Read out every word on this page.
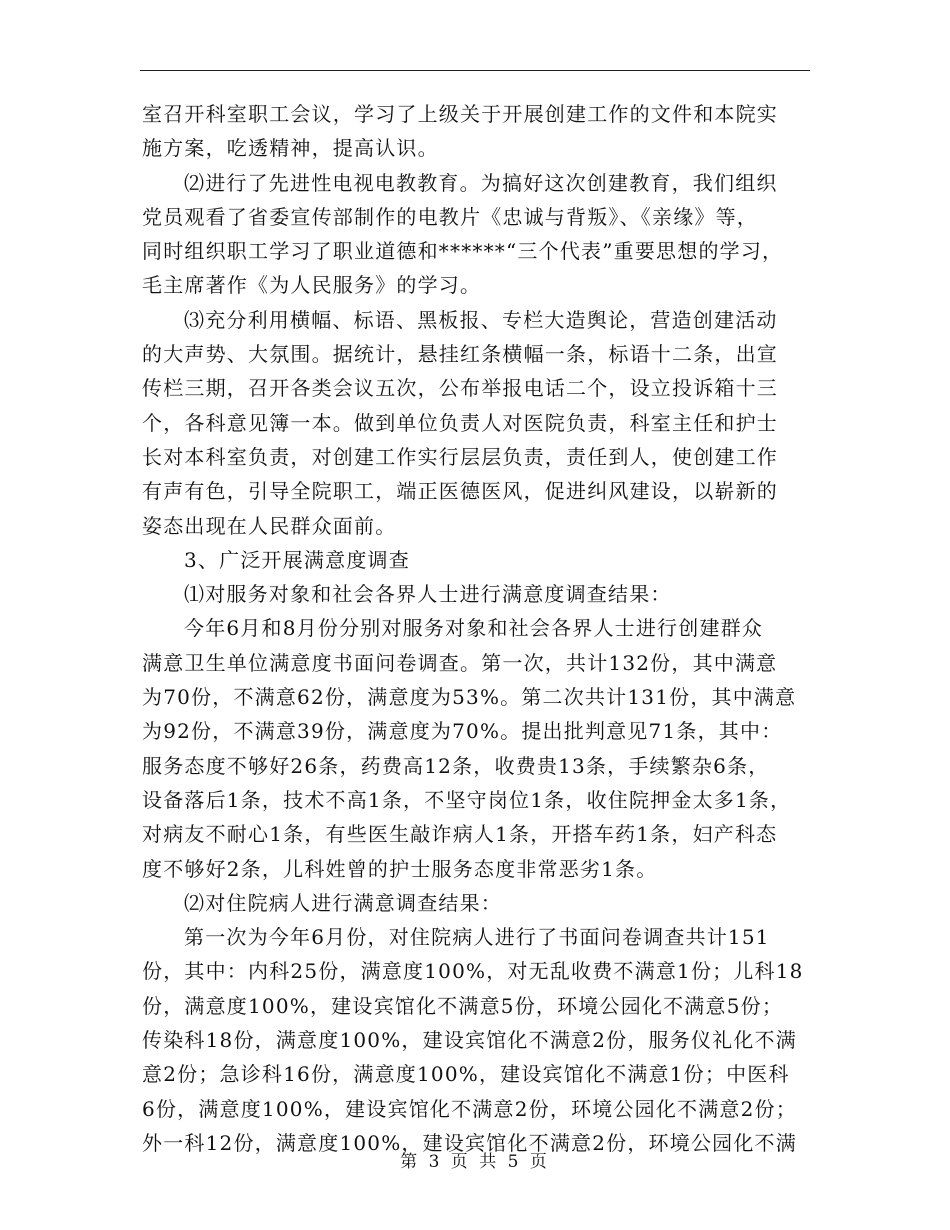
室召开科室职工会议，学习了上级关于开展创建工作的文件和本院实
施方案，吃透精神，提高认识。
⑵进行了先进性电视电教教育。为搞好这次创建教育，我们组织
党员观看了省委宣传部制作的电教片《忠诚与背叛》、《亲缘》等，
同时组织职工学习了职业道德和******“三个代表”重要思想的学习，
毛主席著作《为人民服务》的学习。
⑶充分利用横幅、标语、黑板报、专栏大造舆论，营造创建活动
的大声势、大氛围。据统计，悬挂红条横幅一条，标语十二条，出宣
传栏三期，召开各类会议五次，公布举报电话二个，设立投诉箱十三
个，各科意见簿一本。做到单位负责人对医院负责，科室主任和护士
长对本科室负责，对创建工作实行层层负责，责任到人，使创建工作
有声有色，引导全院职工，端正医德医风，促进纠风建设，以崭新的
姿态出现在人民群众面前。
3、广泛开展满意度调查
⑴对服务对象和社会各界人士进行满意度调查结果：
今年6月和8月份分别对服务对象和社会各界人士进行创建群众
满意卫生单位满意度书面问卷调查。第一次，共计132份，其中满意
为70份，不满意62份，满意度为53%。第二次共计131份，其中满意
为92份，不满意39份，满意度为70%。提出批判意见71条，其中：
服务态度不够好26条，药费高12条，收费贵13条，手续繁杂6条，
设备落后1条，技术不高1条，不坚守岗位1条，收住院押金太多1条，
对病友不耐心1条，有些医生敲诈病人1条，开搭车药1条，妇产科态
度不够好2条，儿科姓曾的护士服务态度非常恶劣1条。
⑵对住院病人进行满意调查结果：
第一次为今年6月份，对住院病人进行了书面问卷调查共计151
份，其中：内科25份，满意度100%，对无乱收费不满意1份；儿科18
份，满意度100%，建设宾馆化不满意5份，环境公园化不满意5份；
传染科18份，满意度100%，建设宾馆化不满意2份，服务仪礼化不满
意2份；急诊科16份，满意度100%，建设宾馆化不满意1份；中医科
6份，满意度100%，建设宾馆化不满意2份，环境公园化不满意2份；
外一科12份，满意度100%，建设宾馆化不满意2份，环境公园化不满
第 3 页 共 5 页
